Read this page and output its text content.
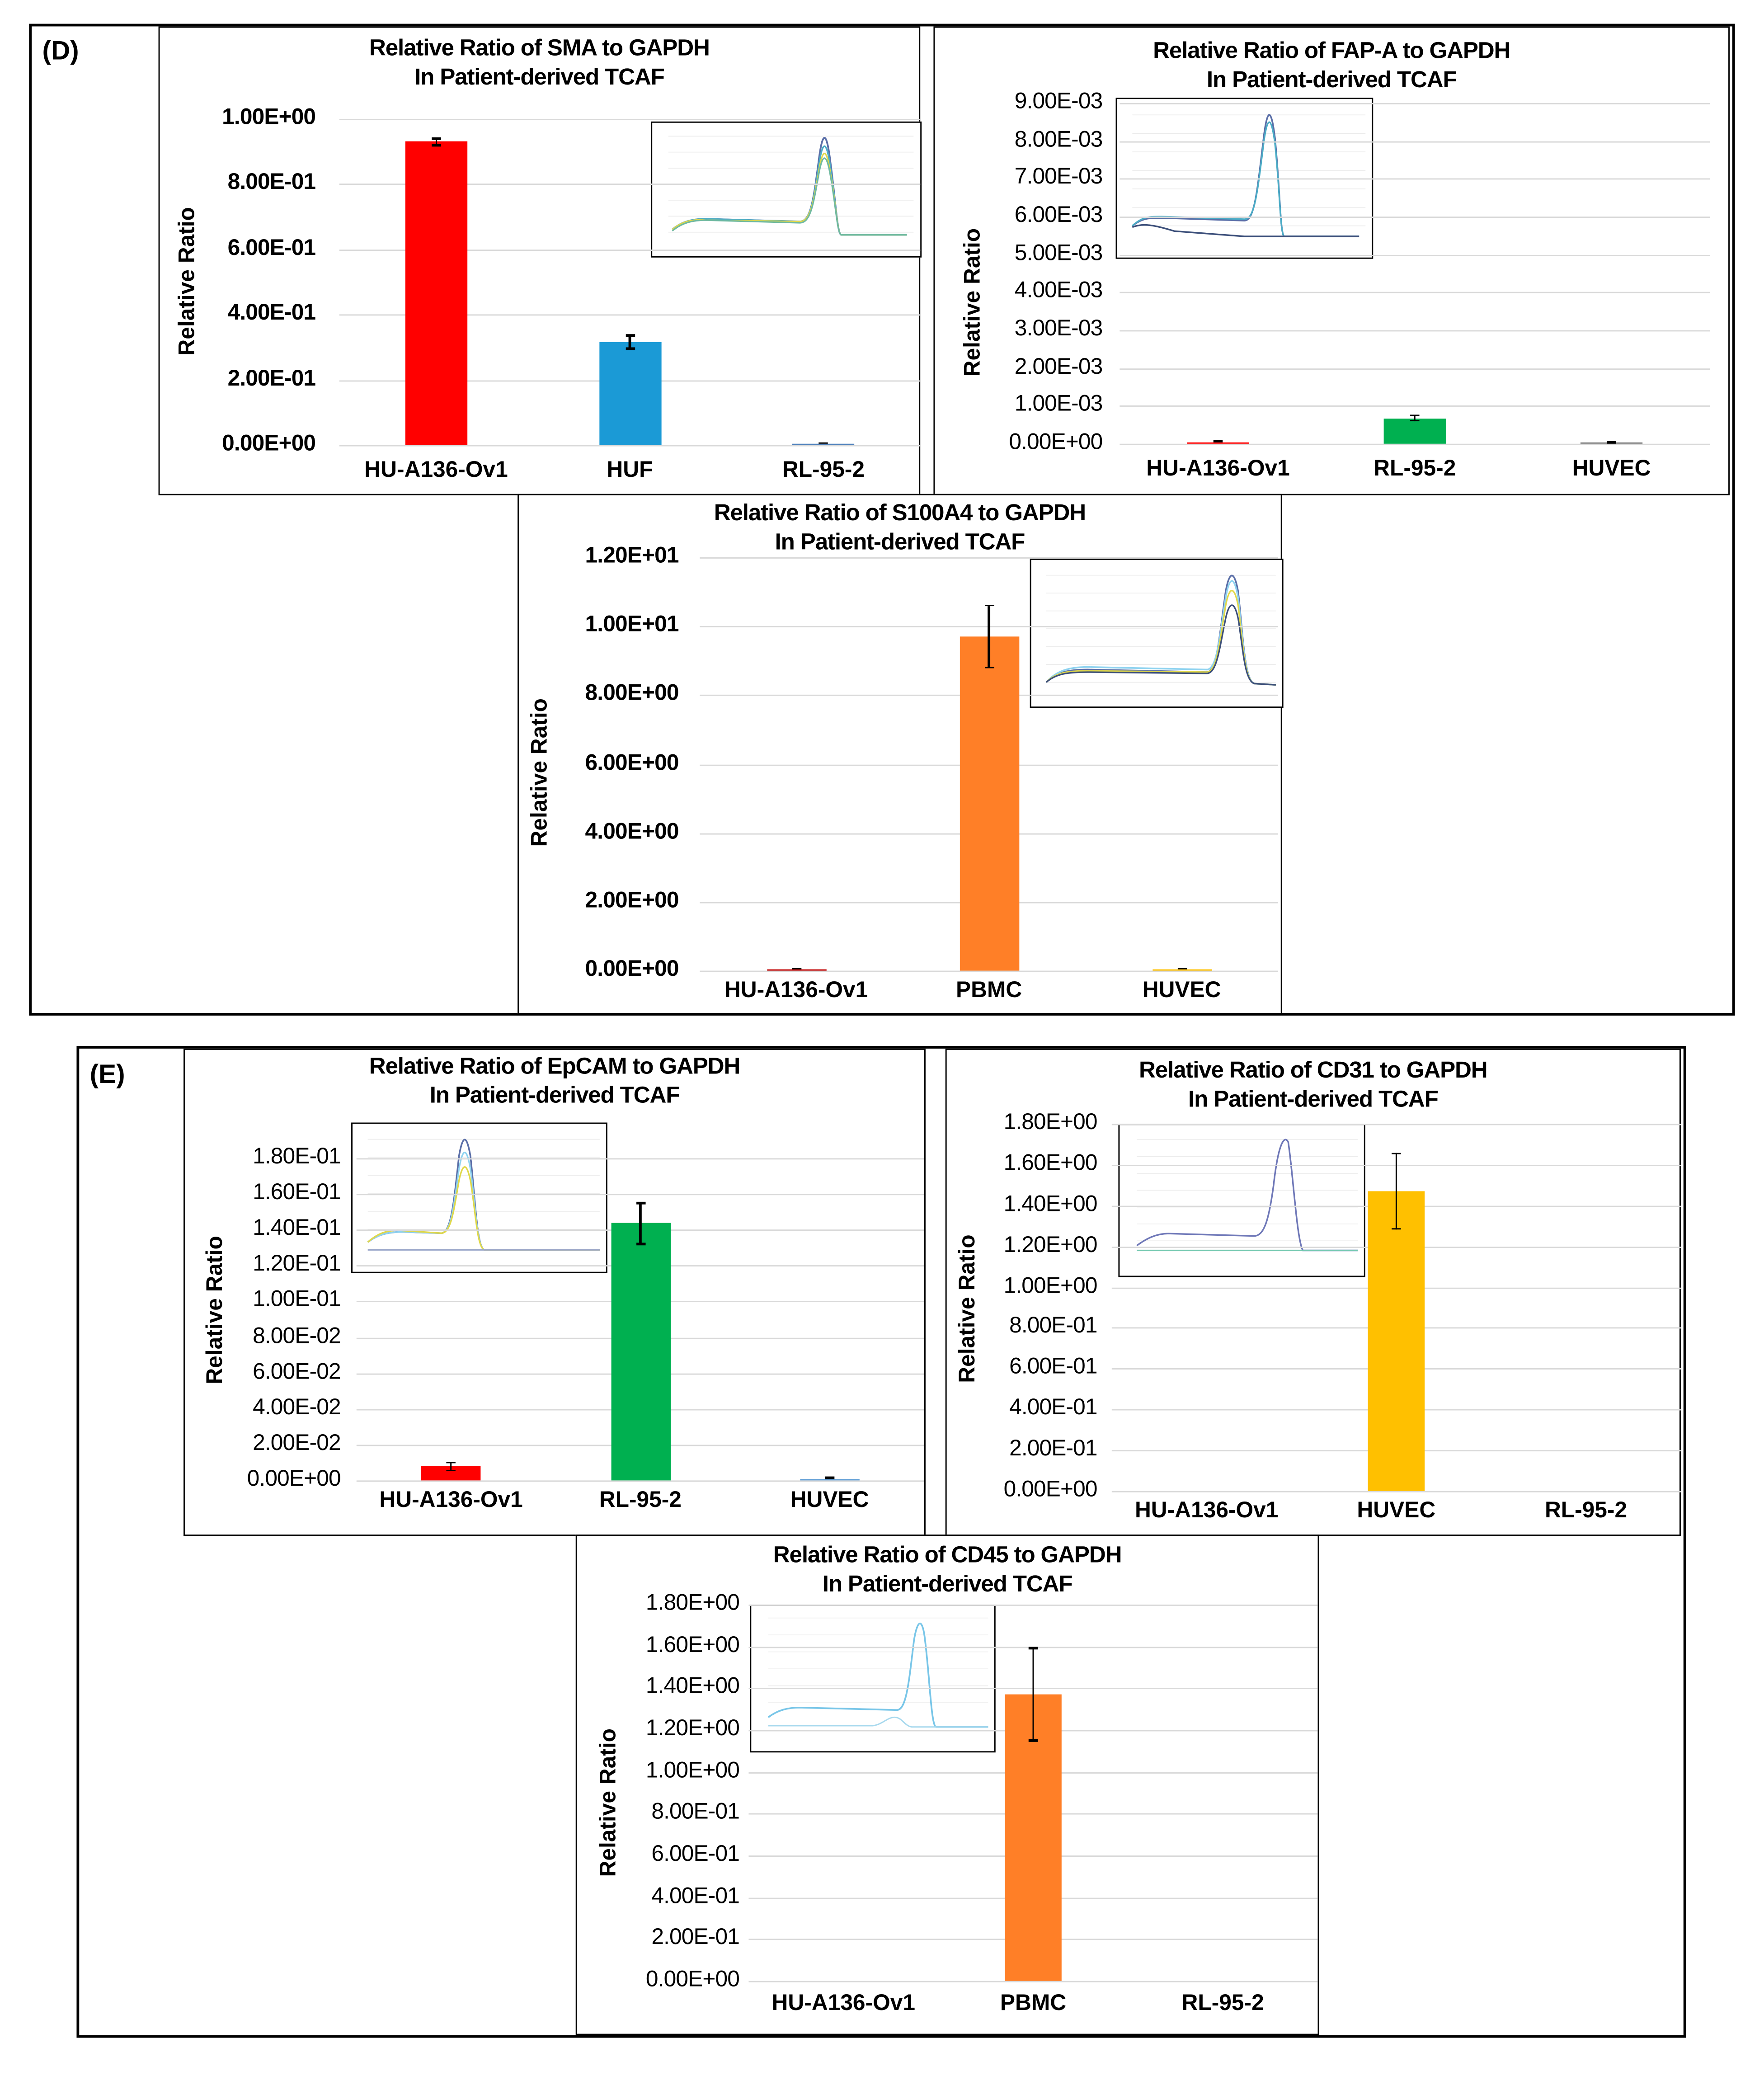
(D)	Relative Ratio of SMA to GAPDH
In Patient-derived TCAF
Relative Ratio
1.00E+00
8.00E-01
6.00E-01
4.00E-01
2.00E-01
0.00E+00
HU-A136-Ov1	HUF	RL-95-2
Relative Ratio of FAP-A to GAPDH
In Patient-derived TCAF
Relative Ratio
9.00E-03
8.00E-03
7.00E-03
6.00E-03
5.00E-03
4.00E-03
3.00E-03
2.00E-03
1.00E-03
0.00E+00
HU-A136-Ov1	RL-95-2	HUVEC
Relative Ratio of S100A4 to GAPDH
In Patient-derived TCAF
Relative Ratio
1.20E+01
1.00E+01
8.00E+00
6.00E+00
4.00E+00
2.00E+00
0.00E+00
HU-A136-Ov1	PBMC	HUVEC
(E)	Relative Ratio of EpCAM to GAPDH
In Patient-derived TCAF
Relative Ratio
1.80E-01
1.60E-01
1.40E-01
1.20E-01
1.00E-01
8.00E-02
6.00E-02
4.00E-02
2.00E-02
0.00E+00
HU-A136-Ov1	RL-95-2	HUVEC
Relative Ratio of CD31 to GAPDH
In Patient-derived TCAF
Relative Ratio
1.80E+00
1.60E+00
1.40E+00
1.20E+00
1.00E+00
8.00E-01
6.00E-01
4.00E-01
2.00E-01
0.00E+00
HU-A136-Ov1	HUVEC	RL-95-2
Relative Ratio of CD45 to GAPDH
In Patient-derived TCAF
Relative Ratio
1.80E+00
1.60E+00
1.40E+00
1.20E+00
1.00E+00
8.00E-01
6.00E-01
4.00E-01
2.00E-01
0.00E+00
HU-A136-Ov1	PBMC	RL-95-2
